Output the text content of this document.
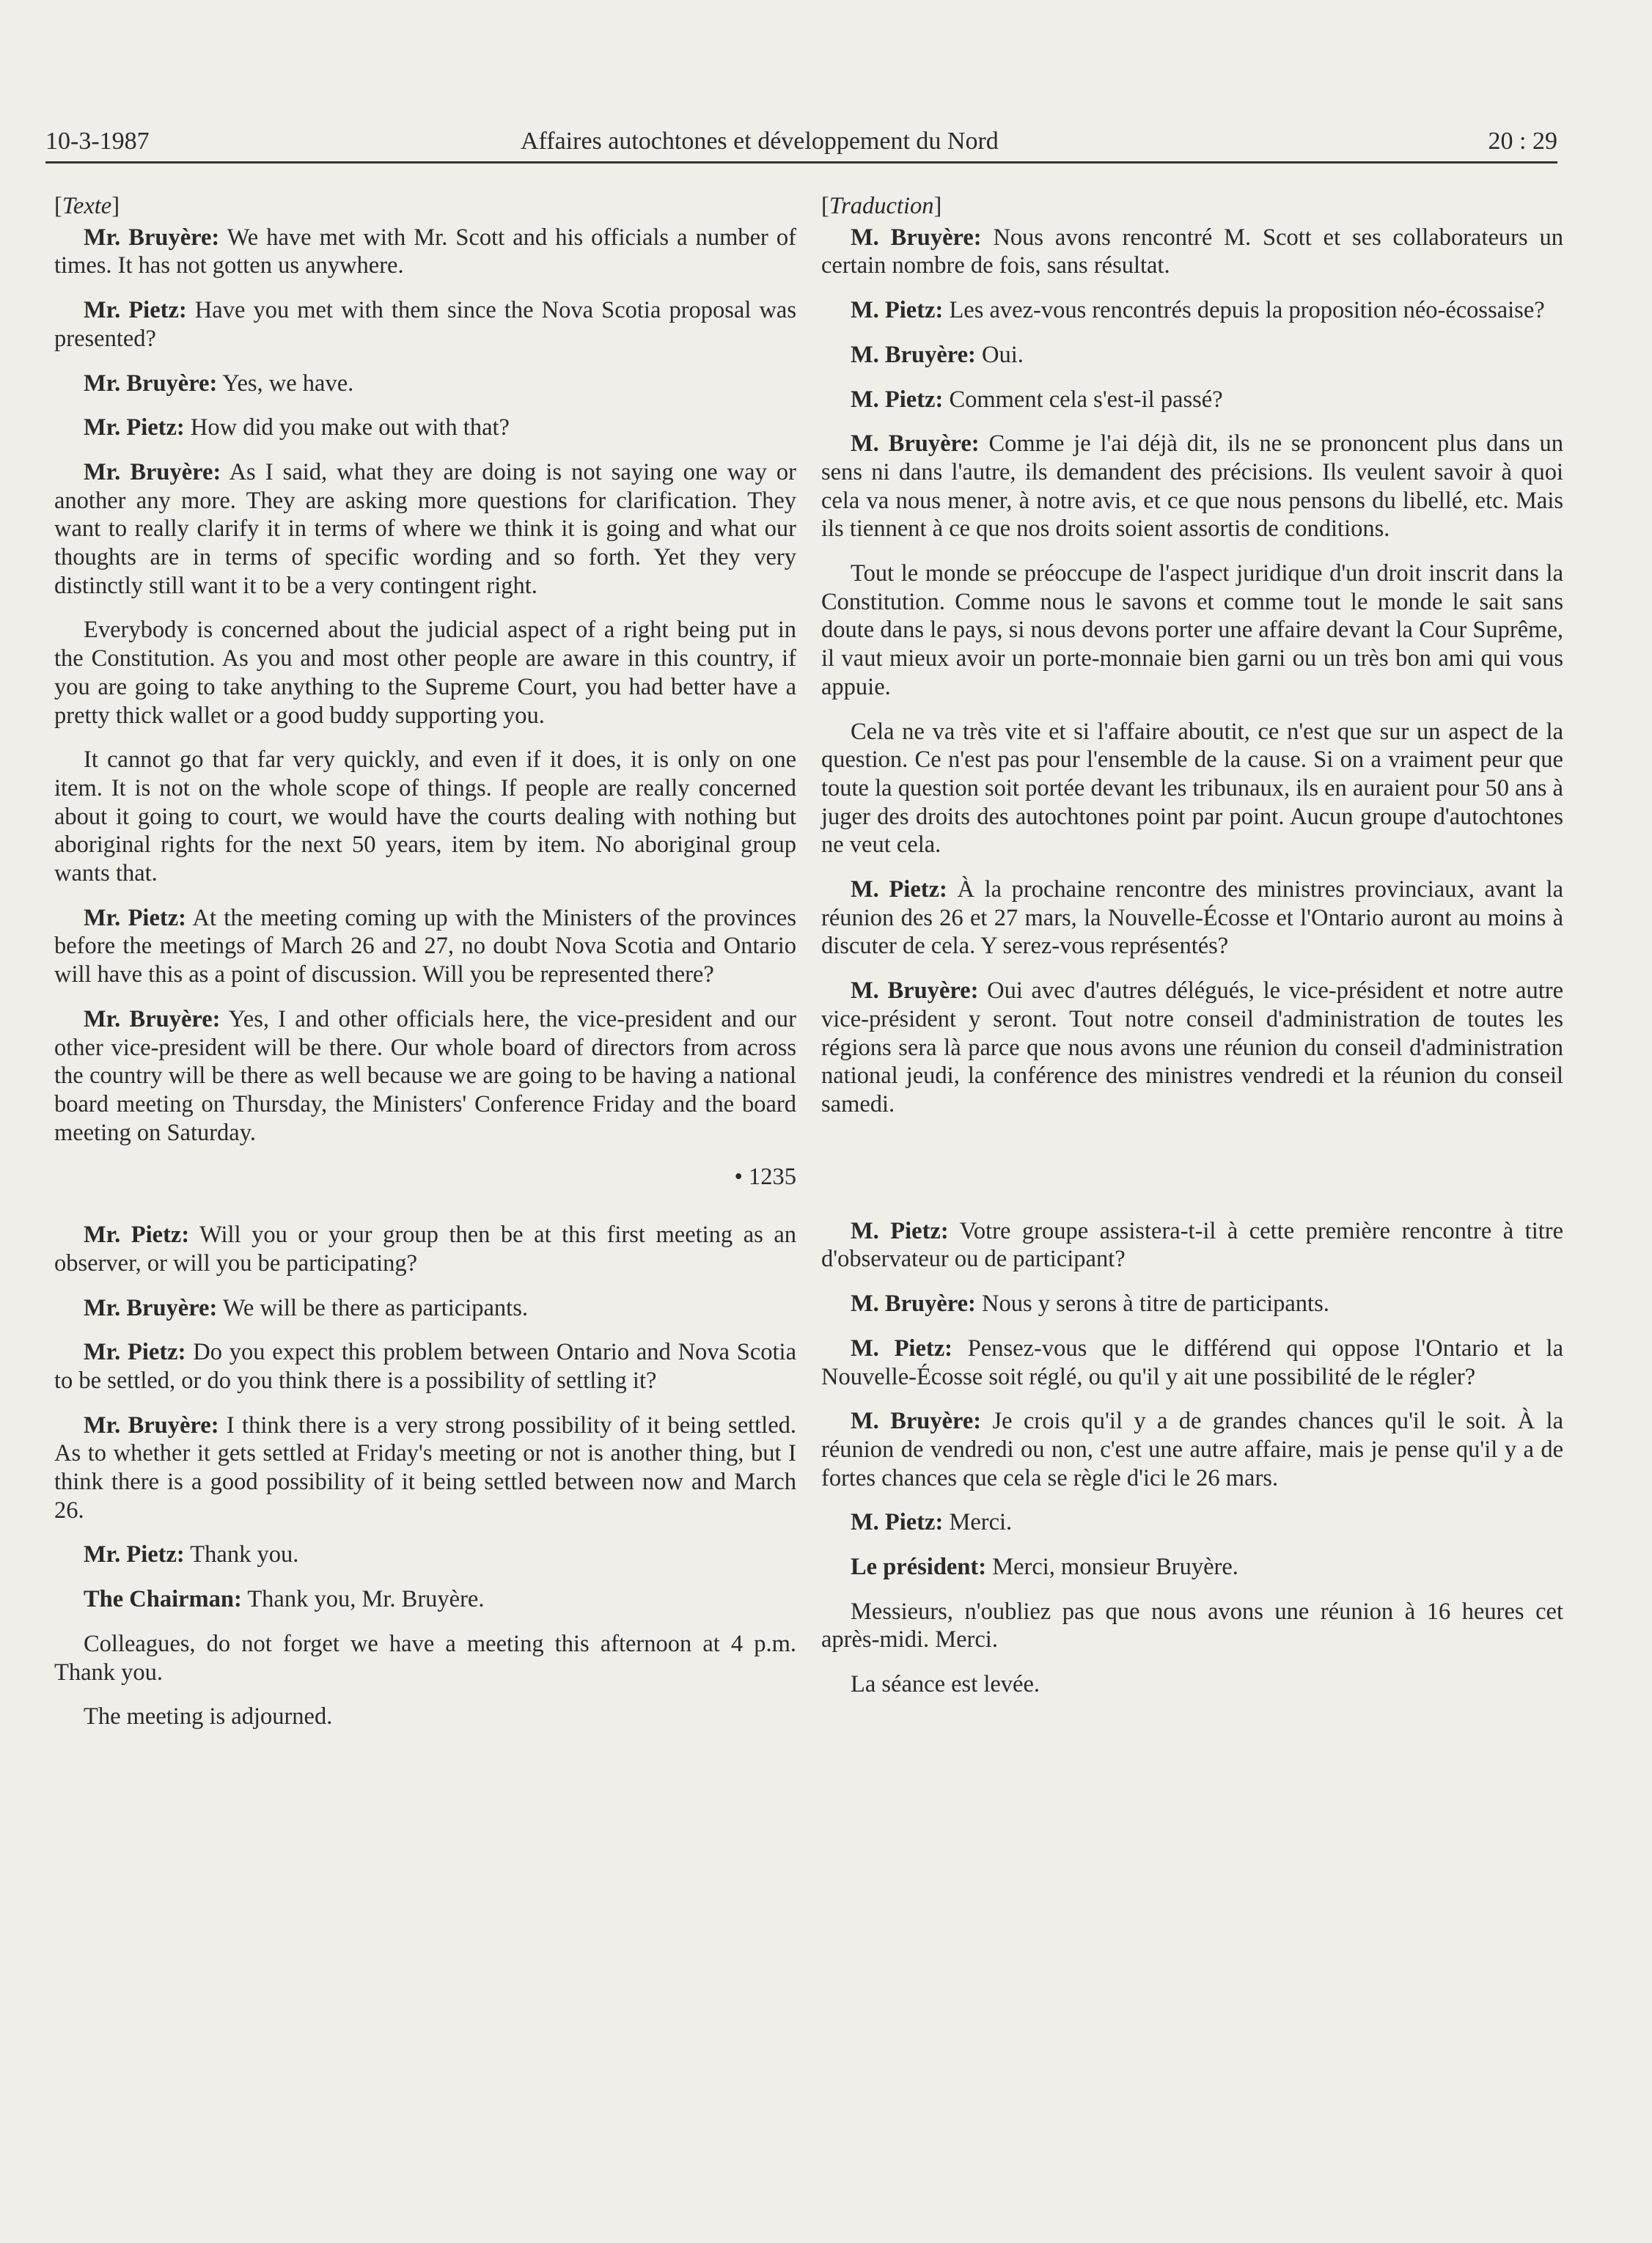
10-3-1987	Affaires autochtones et développement du Nord	20 : 29

[Texte]

Mr. Bruyère: We have met with Mr. Scott and his officials a number of times. It has not gotten us anywhere.

Mr. Pietz: Have you met with them since the Nova Scotia proposal was presented?

Mr. Bruyère: Yes, we have.

Mr. Pietz: How did you make out with that?

Mr. Bruyère: As I said, what they are doing is not saying one way or another any more. They are asking more questions for clarification. They want to really clarify it in terms of where we think it is going and what our thoughts are in terms of specific wording and so forth. Yet they very distinctly still want it to be a very contingent right.

Everybody is concerned about the judicial aspect of a right being put in the Constitution. As you and most other people are aware in this country, if you are going to take anything to the Supreme Court, you had better have a pretty thick wallet or a good buddy supporting you.

It cannot go that far very quickly, and even if it does, it is only on one item. It is not on the whole scope of things. If people are really concerned about it going to court, we would have the courts dealing with nothing but aboriginal rights for the next 50 years, item by item. No aboriginal group wants that.

Mr. Pietz: At the meeting coming up with the Ministers of the provinces before the meetings of March 26 and 27, no doubt Nova Scotia and Ontario will have this as a point of discussion. Will you be represented there?

Mr. Bruyère: Yes, I and other officials here, the vice-president and our other vice-president will be there. Our whole board of directors from across the country will be there as well because we are going to be having a national board meeting on Thursday, the Ministers' Conference Friday and the board meeting on Saturday.

• 1235

Mr. Pietz: Will you or your group then be at this first meeting as an observer, or will you be participating?

Mr. Bruyère: We will be there as participants.

Mr. Pietz: Do you expect this problem between Ontario and Nova Scotia to be settled, or do you think there is a possibility of settling it?

Mr. Bruyère: I think there is a very strong possibility of it being settled. As to whether it gets settled at Friday's meeting or not is another thing, but I think there is a good possibility of it being settled between now and March 26.

Mr. Pietz: Thank you.

The Chairman: Thank you, Mr. Bruyère.

Colleagues, do not forget we have a meeting this afternoon at 4 p.m. Thank you.

The meeting is adjourned.

[Traduction]

M. Bruyère: Nous avons rencontré M. Scott et ses collaborateurs un certain nombre de fois, sans résultat.

M. Pietz: Les avez-vous rencontrés depuis la proposition néo-écossaise?

M. Bruyère: Oui.

M. Pietz: Comment cela s'est-il passé?

M. Bruyère: Comme je l'ai déjà dit, ils ne se prononcent plus dans un sens ni dans l'autre, ils demandent des précisions. Ils veulent savoir à quoi cela va nous mener, à notre avis, et ce que nous pensons du libellé, etc. Mais ils tiennent à ce que nos droits soient assortis de conditions.

Tout le monde se préoccupe de l'aspect juridique d'un droit inscrit dans la Constitution. Comme nous le savons et comme tout le monde le sait sans doute dans le pays, si nous devons porter une affaire devant la Cour Suprême, il vaut mieux avoir un porte-monnaie bien garni ou un très bon ami qui vous appuie.

Cela ne va très vite et si l'affaire aboutit, ce n'est que sur un aspect de la question. Ce n'est pas pour l'ensemble de la cause. Si on a vraiment peur que toute la question soit portée devant les tribunaux, ils en auraient pour 50 ans à juger des droits des autochtones point par point. Aucun groupe d'autochtones ne veut cela.

M. Pietz: À la prochaine rencontre des ministres provinciaux, avant la réunion des 26 et 27 mars, la Nouvelle-Écosse et l'Ontario auront au moins à discuter de cela. Y serez-vous représentés?

M. Bruyère: Oui avec d'autres délégués, le vice-président et notre autre vice-président y seront. Tout notre conseil d'administration de toutes les régions sera là parce que nous avons une réunion du conseil d'administration national jeudi, la conférence des ministres vendredi et la réunion du conseil samedi.

M. Pietz: Votre groupe assistera-t-il à cette première rencontre à titre d'observateur ou de participant?

M. Bruyère: Nous y serons à titre de participants.

M. Pietz: Pensez-vous que le différend qui oppose l'Ontario et la Nouvelle-Écosse soit réglé, ou qu'il y ait une possibilité de le régler?

M. Bruyère: Je crois qu'il y a de grandes chances qu'il le soit. À la réunion de vendredi ou non, c'est une autre affaire, mais je pense qu'il y a de fortes chances que cela se règle d'ici le 26 mars.

M. Pietz: Merci.

Le président: Merci, monsieur Bruyère.

Messieurs, n'oubliez pas que nous avons une réunion à 16 heures cet après-midi. Merci.

La séance est levée.
